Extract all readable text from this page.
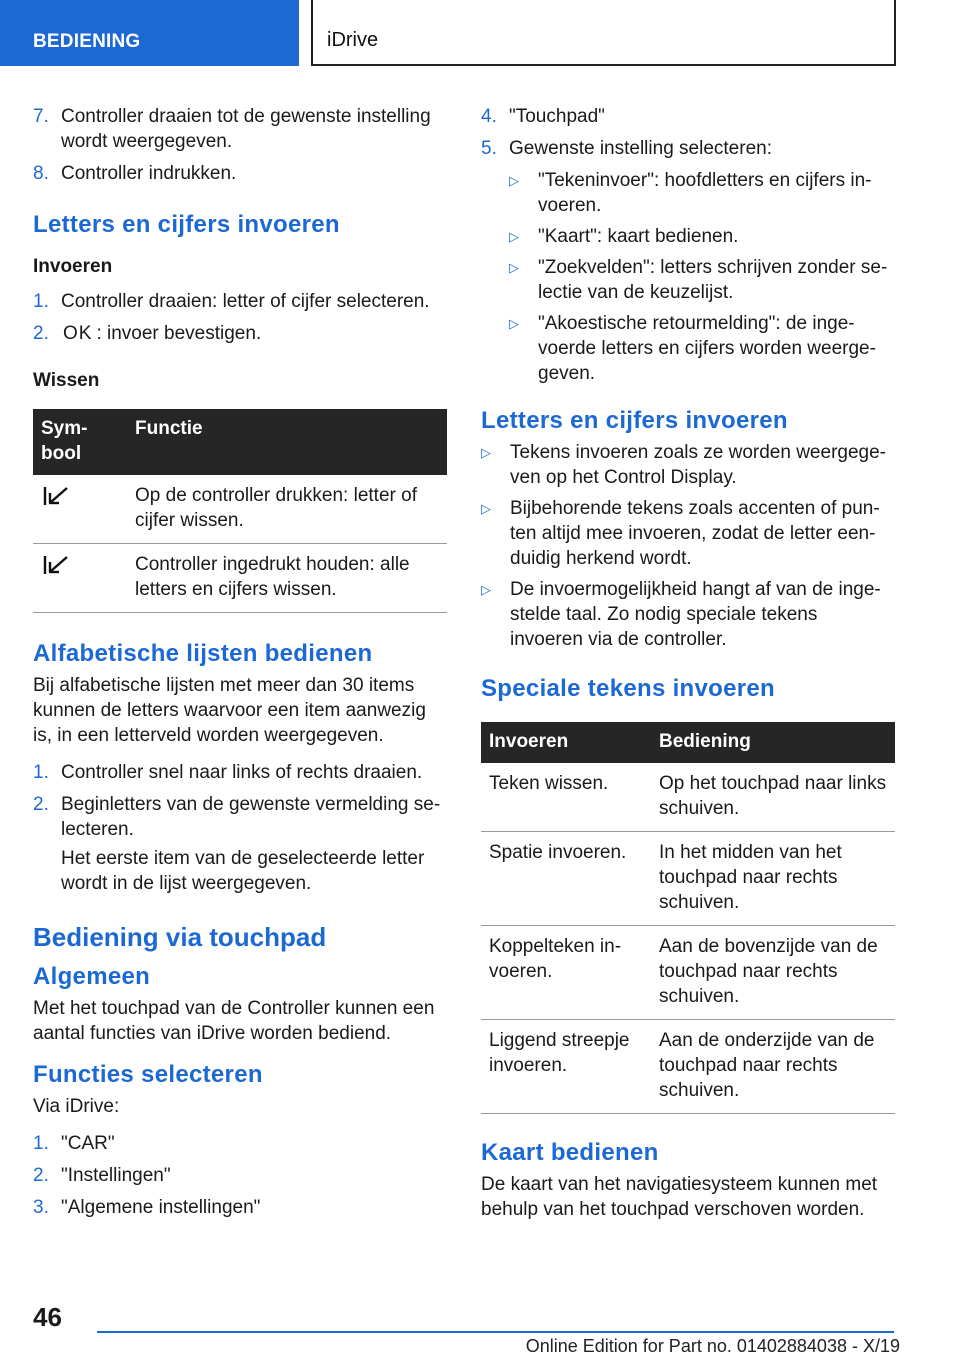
BEDIENING	iDrive
7. Controller draaien tot de gewenste instelling wordt weergegeven.
8. Controller indrukken.
Letters en cijfers invoeren
Invoeren
1. Controller draaien: letter of cijfer selecteren.
2. OK : invoer bevestigen.
Wissen
Sym-
bool	Functie
	Op de controller drukken: letter of cijfer wissen.
	Controller ingedrukt houden: alle letters en cijfers wissen.
Alfabetische lijsten bedienen
Bij alfabetische lijsten met meer dan 30 items kunnen de letters waarvoor een item aanwezig is, in een letterveld worden weergegeven.
1. Controller snel naar links of rechts draaien.
2. Beginletters van de gewenste vermelding selecteren.
Het eerste item van de geselecteerde letter wordt in de lijst weergegeven.
Bediening via touchpad
Algemeen
Met het touchpad van de Controller kunnen een aantal functies van iDrive worden bediend.
Functies selecteren
Via iDrive:
1. "CAR"
2. "Instellingen"
3. "Algemene instellingen"
4. "Touchpad"
5. Gewenste instelling selecteren:
▷	"Tekeninvoer": hoofdletters en cijfers invoeren.
▷	"Kaart": kaart bedienen.
▷	"Zoekvelden": letters schrijven zonder selectie van de keuzelijst.
▷	"Akoestische retourmelding": de ingevoerde letters en cijfers worden weergegeven.
Letters en cijfers invoeren
▷	Tekens invoeren zoals ze worden weergegeven op het Control Display.
▷	Bijbehorende tekens zoals accenten of punten altijd mee invoeren, zodat de letter eenduidig herkend wordt.
▷	De invoermogelijkheid hangt af van de ingestelde taal. Zo nodig speciale tekens invoeren via de controller.
Speciale tekens invoeren
Invoeren	Bediening
Teken wissen.	Op het touchpad naar links schuiven.
Spatie invoeren.	In het midden van het touchpad naar rechts schuiven.
Koppelteken invoeren.	Aan de bovenzijde van de touchpad naar rechts schuiven.
Liggend streepje invoeren.	Aan de onderzijde van de touchpad naar rechts schuiven.
Kaart bedienen
De kaart van het navigatiesysteem kunnen met behulp van het touchpad verschoven worden.
46
Online Edition for Part no. 01402884038 - X/19
